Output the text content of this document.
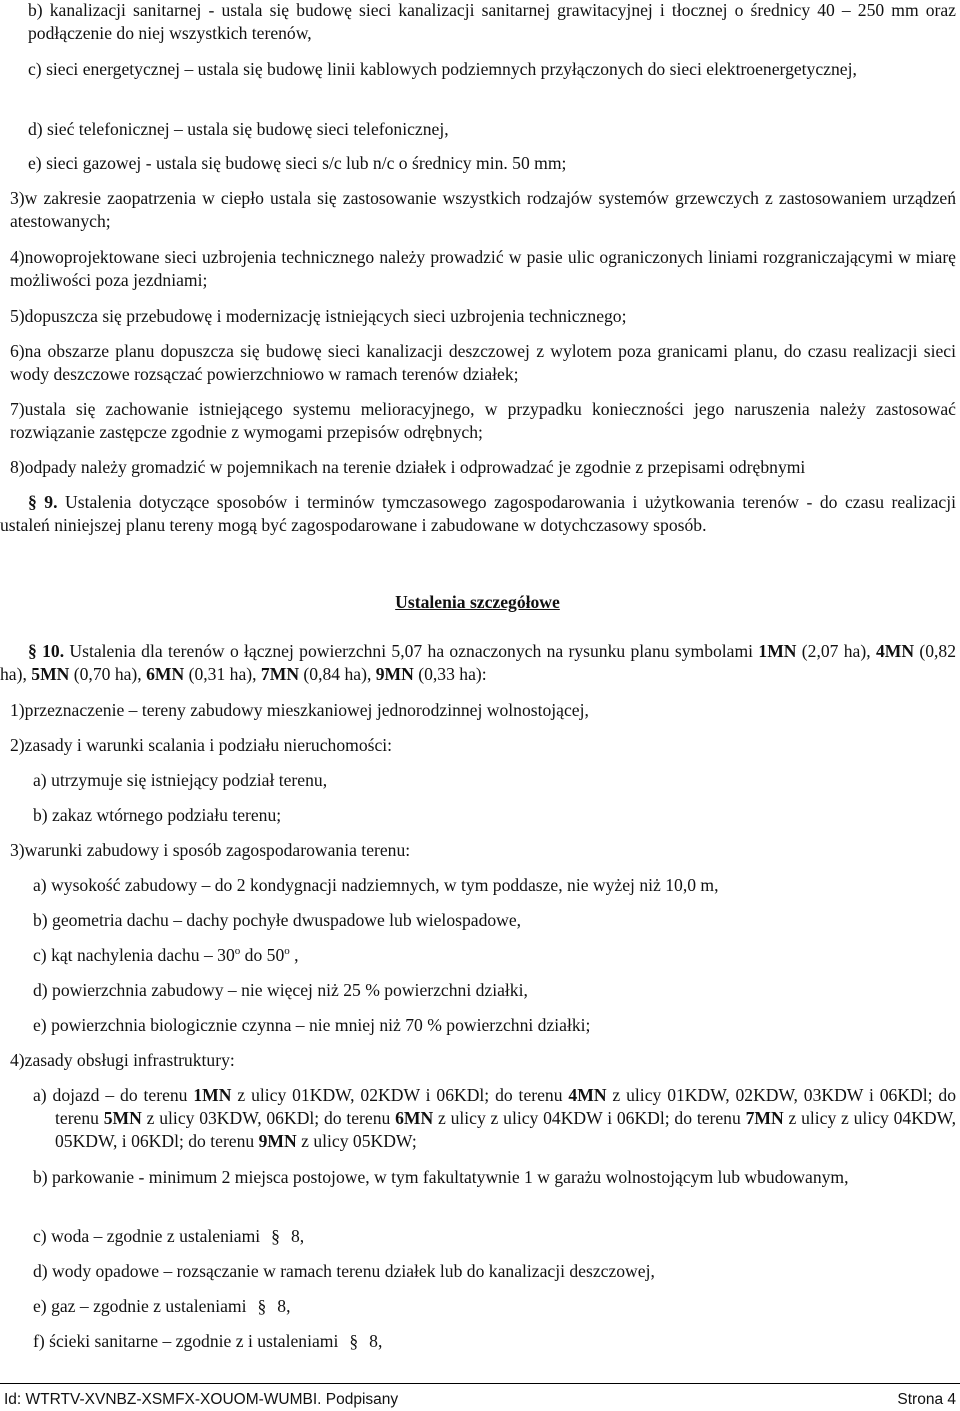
b) kanalizacji sanitarnej - ustala się budowę sieci kanalizacji sanitarnej grawitacyjnej i tłocznej o średnicy 40 – 250 mm oraz podłączenie do niej wszystkich terenów,
c) sieci energetycznej – ustala się budowę linii kablowych podziemnych przyłączonych do sieci elektroenergetycznej,
d) sieć telefonicznej – ustala się budowę sieci telefonicznej,
e) sieci gazowej - ustala się budowę sieci s/c lub n/c o średnicy min. 50 mm;
3)w zakresie zaopatrzenia w ciepło ustala się zastosowanie wszystkich rodzajów systemów grzewczych z zastosowaniem urządzeń atestowanych;
4)nowoprojektowane sieci uzbrojenia technicznego należy prowadzić w pasie ulic ograniczonych liniami rozgraniczającymi w miarę możliwości poza jezdniami;
5)dopuszcza się przebudowę i modernizację istniejących sieci uzbrojenia technicznego;
6)na obszarze planu dopuszcza się budowę sieci kanalizacji deszczowej z wylotem poza granicami planu, do czasu realizacji sieci wody deszczowe rozsączać powierzchniowo w ramach terenów działek;
7)ustala się zachowanie istniejącego systemu melioracyjnego, w przypadku konieczności jego naruszenia należy zastosować rozwiązanie zastępcze zgodnie z wymogami przepisów odrębnych;
8)odpady należy gromadzić w pojemnikach na terenie działek i odprowadzać je zgodnie z przepisami odrębnymi
§ 9. Ustalenia dotyczące sposobów i terminów tymczasowego zagospodarowania i użytkowania terenów - do czasu realizacji ustaleń niniejszej planu tereny mogą być zagospodarowane i zabudowane w dotychczasowy sposób.
Ustalenia szczegółowe
§ 10. Ustalenia dla terenów o łącznej powierzchni 5,07 ha oznaczonych na rysunku planu symbolami 1MN (2,07 ha), 4MN (0,82 ha), 5MN (0,70 ha), 6MN (0,31 ha), 7MN (0,84 ha), 9MN (0,33 ha):
1)przeznaczenie – tereny zabudowy mieszkaniowej jednorodzinnej wolnostojącej,
2)zasady i warunki scalania i podziału nieruchomości:
a) utrzymuje się istniejący podział terenu,
b) zakaz wtórnego podziału terenu;
3)warunki zabudowy i sposób zagospodarowania terenu:
a) wysokość zabudowy – do 2 kondygnacji nadziemnych, w tym poddasze, nie wyżej niż 10,0 m,
b) geometria dachu – dachy pochyłe dwuspadowe lub wielospadowe,
c) kąt nachylenia dachu – 30$^o$ do 50$^o$ ,
d) powierzchnia zabudowy – nie więcej niż 25 % powierzchni działki,
e) powierzchnia biologicznie czynna – nie mniej niż 70 % powierzchni działki;
4)zasady obsługi infrastruktury:
a) dojazd – do terenu 1MN z ulicy 01KDW, 02KDW i 06KDl; do terenu 4MN z ulicy 01KDW, 02KDW, 03KDW i 06KDl; do terenu 5MN z ulicy 03KDW, 06KDl; do terenu 6MN z ulicy z ulicy 04KDW i 06KDl; do terenu 7MN z ulicy z ulicy 04KDW, 05KDW, i 06KDl; do terenu 9MN z ulicy 05KDW;
b) parkowanie - minimum 2 miejsca postojowe, w tym fakultatywnie 1 w garażu wolnostojącym lub wbudowanym,
c) woda – zgodnie z ustaleniami § 8,
d) wody opadowe – rozsączanie w ramach terenu działek lub do kanalizacji deszczowej,
e) gaz – zgodnie z ustaleniami § 8,
f) ścieki sanitarne – zgodnie z i ustaleniami § 8,
Id: WTRTV-XVNBZ-XSMFX-XOUOM-WUMBI. Podpisany	Strona 4
